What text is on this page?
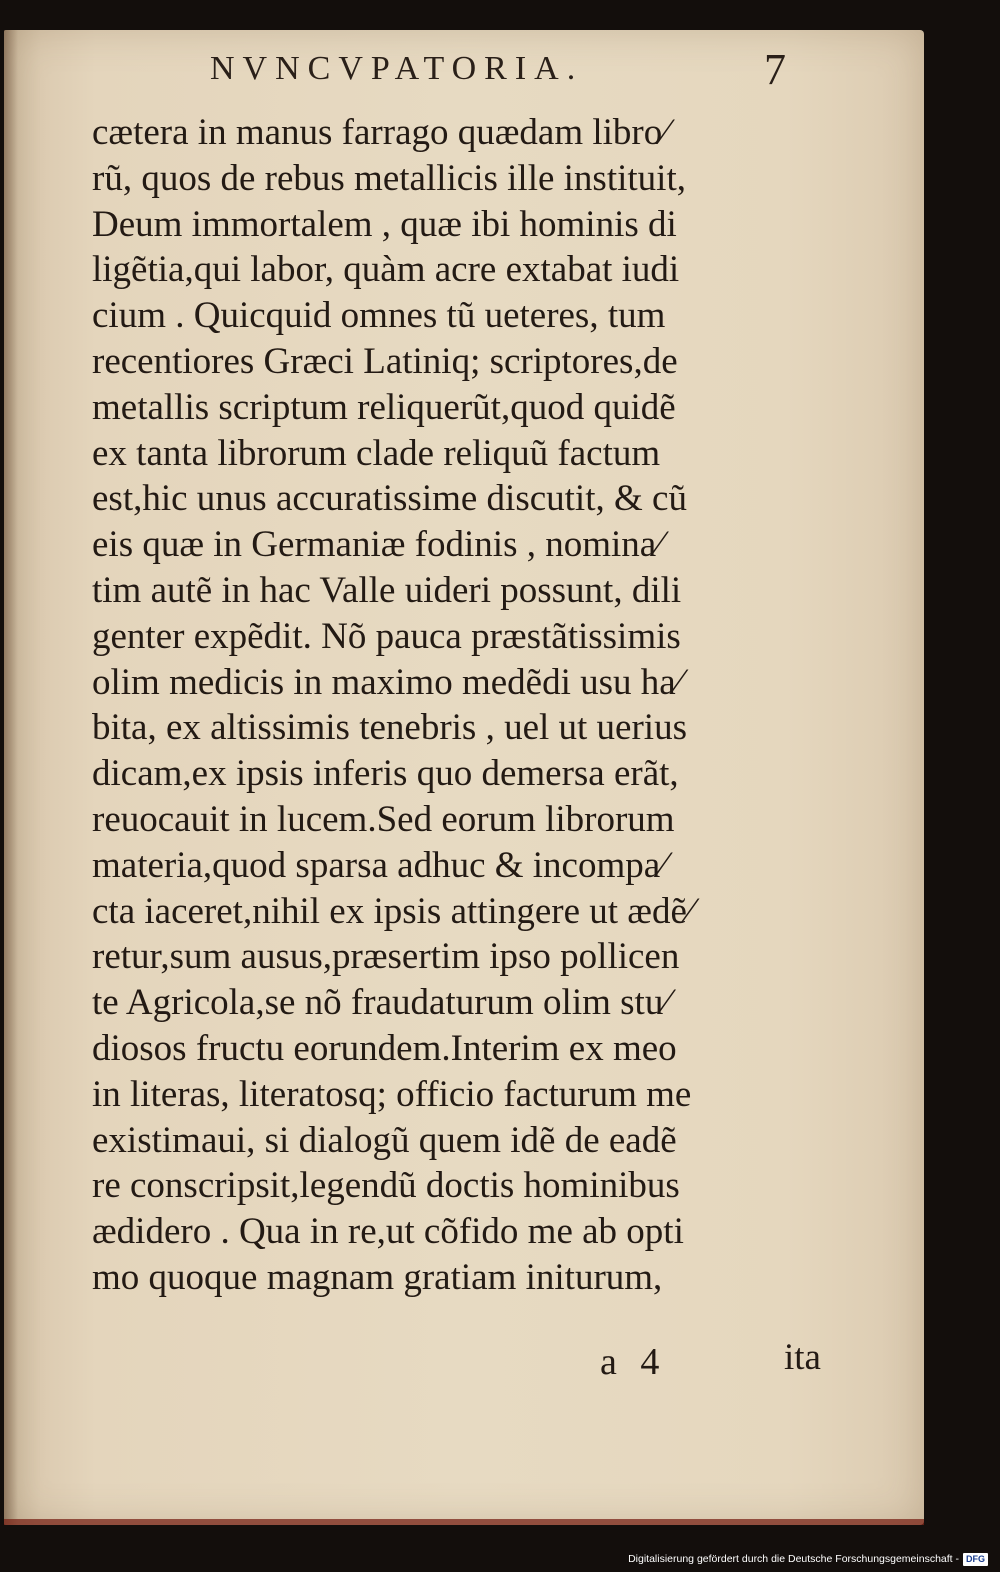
NVNCVPATORIA.	7
cætera in manus farrago quædam libro⁄
rũ, quos de rebus metallicis ille instituit,
Deum immortalem , quæ ibi hominis di
ligẽtia,qui labor, quàm acre extabat iudi
cium . Quicquid omnes tũ ueteres, tum
recentiores Græci Latiniq; scriptores,de
metallis scriptum reliquerũt,quod quidẽ
ex tanta librorum clade reliquũ factum
est,hic unus accuratissime discutit, & cũ
eis quæ in Germaniæ fodinis , nomina⁄
tim autẽ in hac Valle uideri possunt, dili
genter expẽdit. Nõ pauca præstãtissimis
olim medicis in maximo medẽdi usu ha⁄
bita, ex altissimis tenebris , uel ut uerius
dicam,ex ipsis inferis quo demersa erãt,
reuocauit in lucem.Sed eorum librorum
materia,quod sparsa adhuc & incompa⁄
cta iaceret,nihil ex ipsis attingere ut ædẽ⁄
retur,sum ausus,præsertim ipso pollicen
te Agricola,se nõ fraudaturum olim stu⁄
diosos fructu eorundem.Interim ex meo
in literas, literatosq; officio facturum me
existimaui, si dialogũ quem idẽ de eadẽ
re conscripsit,legendũ doctis hominibus
ædidero . Qua in re,ut cõfido me ab opti
mo quoque magnam gratiam initurum,
a 4	ita
Digitalisierung gefördert durch die Deutsche Forschungsgemeinschaft - DFG
